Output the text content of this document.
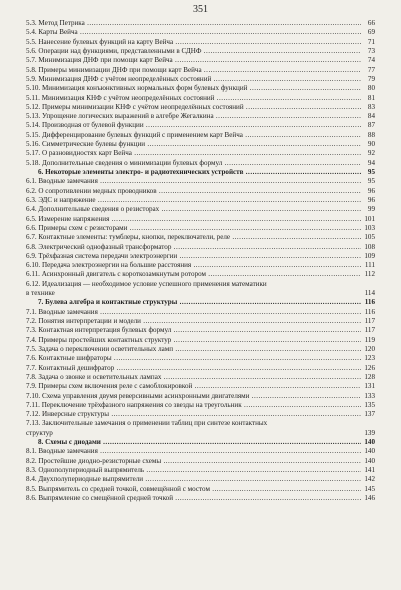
351
5.3. Метод Петрика .....	66
5.4. Карты Вейча .....	69
5.5. Нанесение булевых функций на карту Вейча .....	71
5.6. Операции над функциями, представленными в СДНФ .....	73
5.7. Минимизация ДНФ при помощи карт Вейча .....	74
5.8. Примеры минимизации ДНФ при помощи карт Вейча .....	77
5.9. Минимизация ДНФ с учётом неопределённых состояний .....	79
5.10. Минимизация конъюнктивных нормальных форм булевых функций .....	80
5.11. Минимизация КНФ с учётом неопределённых состояний .....	81
5.12. Примеры минимизации КНФ с учётом неопределённых состояний .....	83
5.13. Упрощение логических выражений в алгебре Жегалкина .....	84
5.14. Производная от булевой функции .....	87
5.15. Дифференцирование булевых функций с применением карт Вейча .....	88
5.16. Симметрические булевы функции .....	90
5.17. О разновидностях карт Вейча .....	92
5.18. Дополнительные сведения о минимизации булевых формул .....	94
6. Некоторые элементы электро- и радиотехнических устройств .....	95
6.1. Вводные замечания .....	95
6.2. О сопротивлении медных проводников .....	96
6.3. ЭДС и напряжение .....	96
6.4. Дополнительные сведения о резисторах .....	99
6.5. Измерение напряжения .....	101
6.6. Примеры схем с резисторами .....	103
6.7. Контактные элементы: тумблеры, кнопки, переключатели, реле .....	105
6.8. Электрический однофазный трансформатор .....	108
6.9. Трёхфазная система передачи электроэнергии .....	109
6.10. Передача электроэнергии на большие расстояния .....	111
6.11. Асинхронный двигатель с короткозамкнутым ротором .....	112
6.12. Идеализация — необходимое условие успешного применения математики
в технике	114
7. Булева алгебра и контактные структуры .....	116
7.1. Вводные замечания .....	116
7.2. Понятия интерпретации и модели .....	117
7.3. Контактная интерпретация булевых формул .....	117
7.4. Примеры простейших контактных структур .....	119
7.5. Задача о переключении осветительных ламп .....	120
7.6. Контактные шифраторы .....	123
7.7. Контактный дешифратор .....	126
7.8. Задача о звонке и осветительных лампах .....	128
7.9. Примеры схем включения реле с самоблокировкой .....	131
7.10. Схема управления двумя реверсивными асинхронными двигателями .....	133
7.11. Переключение трёхфазного напряжения со звезды на треугольник .....	135
7.12. Инверсные структуры .....	137
7.13. Заключительные замечания о применении таблиц при синтезе контактных
структур	139
8. Схемы с диодами .....	140
8.1. Вводные замечания .....	140
8.2. Простейшие диодно-резисторные схемы .....	140
8.3. Однополупериодный выпрямитель .....	141
8.4. Двухполупериодные выпрямители .....	142
8.5. Выпрямитель со средней точкой, совмещённой с мостом .....	145
8.6. Выпрямление со смещённой средней точкой .....	146
